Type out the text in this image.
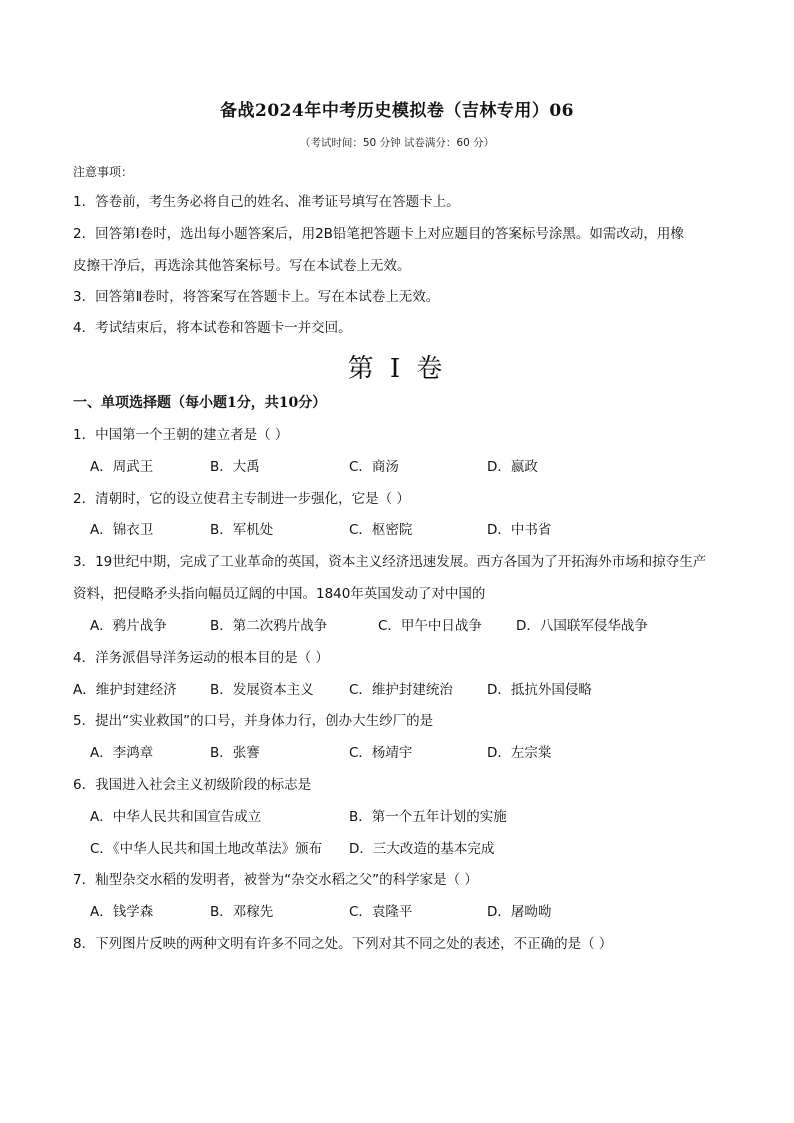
备战2024年中考历史模拟卷（吉林专用）06
（考试时间：50 分钟 试卷满分：60 分）
注意事项：
1．答卷前，考生务必将自己的姓名、准考证号填写在答题卡上。
2．回答第Ⅰ卷时，选出每小题答案后，用2B铅笔把答题卡上对应题目的答案标号涂黑。如需改动，用橡
皮擦干净后，再选涂其他答案标号。写在本试卷上无效。
3．回答第Ⅱ卷时，将答案写在答题卡上。写在本试卷上无效。
4．考试结束后，将本试卷和答题卡一并交回。
第 I 卷
一、单项选择题（每小题1分，共10分）
1．中国第一个王朝的建立者是（ ）
A．周武王	B．大禹	C．商汤	D．嬴政
2．清朝时，它的设立使君主专制进一步强化，它是（ ）
A．锦衣卫	B．军机处	C．枢密院	D．中书省
3．19世纪中期，完成了工业革命的英国，资本主义经济迅速发展。西方各国为了开拓海外市场和掠夺生产
资料，把侵略矛头指向幅员辽阔的中国。1840年英国发动了对中国的
A．鸦片战争	B．第二次鸦片战争	C．甲午中日战争	D．八国联军侵华战争
4．洋务派倡导洋务运动的根本目的是（ ）
A．维护封建经济 B．发展资本主义	C．维护封建统治	D．抵抗外国侵略
5．提出“实业救国”的口号，并身体力行，创办大生纱厂的是
A．李鸿章	B．张謇	C．杨靖宇	D．左宗棠
6．我国进入社会主义初级阶段的标志是
A．中华人民共和国宣告成立	B．第一个五年计划的实施
C．《中华人民共和国土地改革法》颁布 D．三大改造的基本完成
7．籼型杂交水稻的发明者，被誉为“杂交水稻之父”的科学家是（ ）
A．钱学森	B．邓稼先	C．袁隆平	D．屠呦呦
8．下列图片反映的两种文明有许多不同之处。下列对其不同之处的表述，不正确的是（ ）
